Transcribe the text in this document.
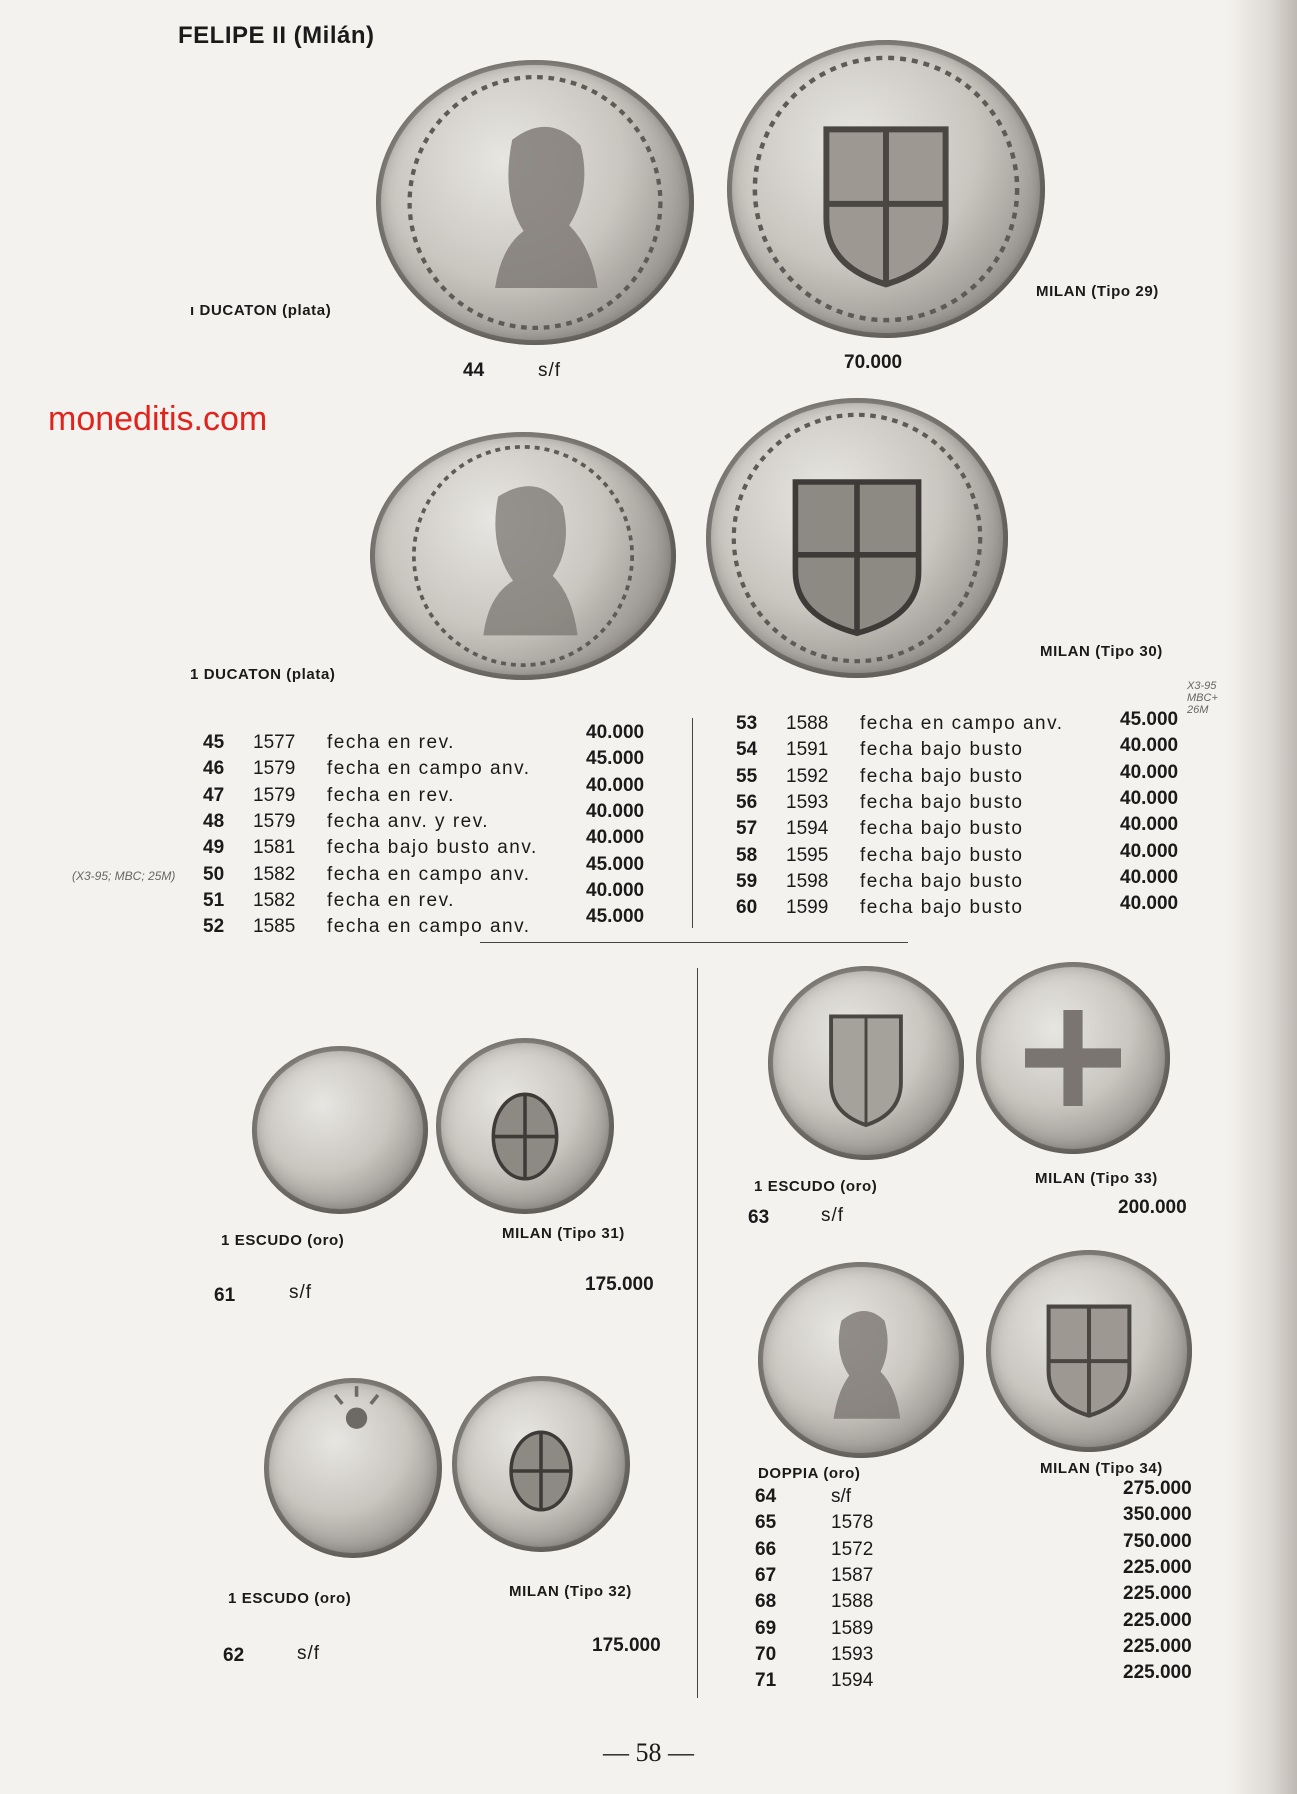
FELIPE II (Milán)
ı DUCATON (plata)
MILAN (Tipo 29)
44	s/f	70.000
moneditis.com
1 DUCATON (plata)
MILAN (Tipo 30)
45 1577 fecha en rev.	40.000
46 1579 fecha en campo anv.	45.000
47 1579 fecha en rev.	40.000
48 1579 fecha anv. y rev.	40.000
49 1581 fecha bajo busto anv.	40.000
50 1582 fecha en campo anv.	45.000
51 1582 fecha en rev.	40.000
52 1585 fecha en campo anv.	45.000
53 1588 fecha en campo anv.	45.000
54 1591 fecha bajo busto	40.000
55 1592 fecha bajo busto	40.000
56 1593 fecha bajo busto	40.000
57 1594 fecha bajo busto	40.000
58 1595 fecha bajo busto	40.000
59 1598 fecha bajo busto	40.000
60 1599 fecha bajo busto	40.000
(X3-95; MBC; 25M)
X3-95 MBC+ 26M
1 ESCUDO (oro)	MILAN (Tipo 31)
61	s/f	175.000
1 ESCUDO (oro)	MILAN (Tipo 32)
62	s/f	175.000
1 ESCUDO (oro)	MILAN (Tipo 33)
63	s/f	200.000
DOPPIA (oro)	MILAN (Tipo 34)
64	s/f	275.000
65	1578	350.000
66	1572	750.000
67	1587	225.000
68	1588	225.000
69	1589	225.000
70	1593	225.000
71	1594	225.000
— 58 —
